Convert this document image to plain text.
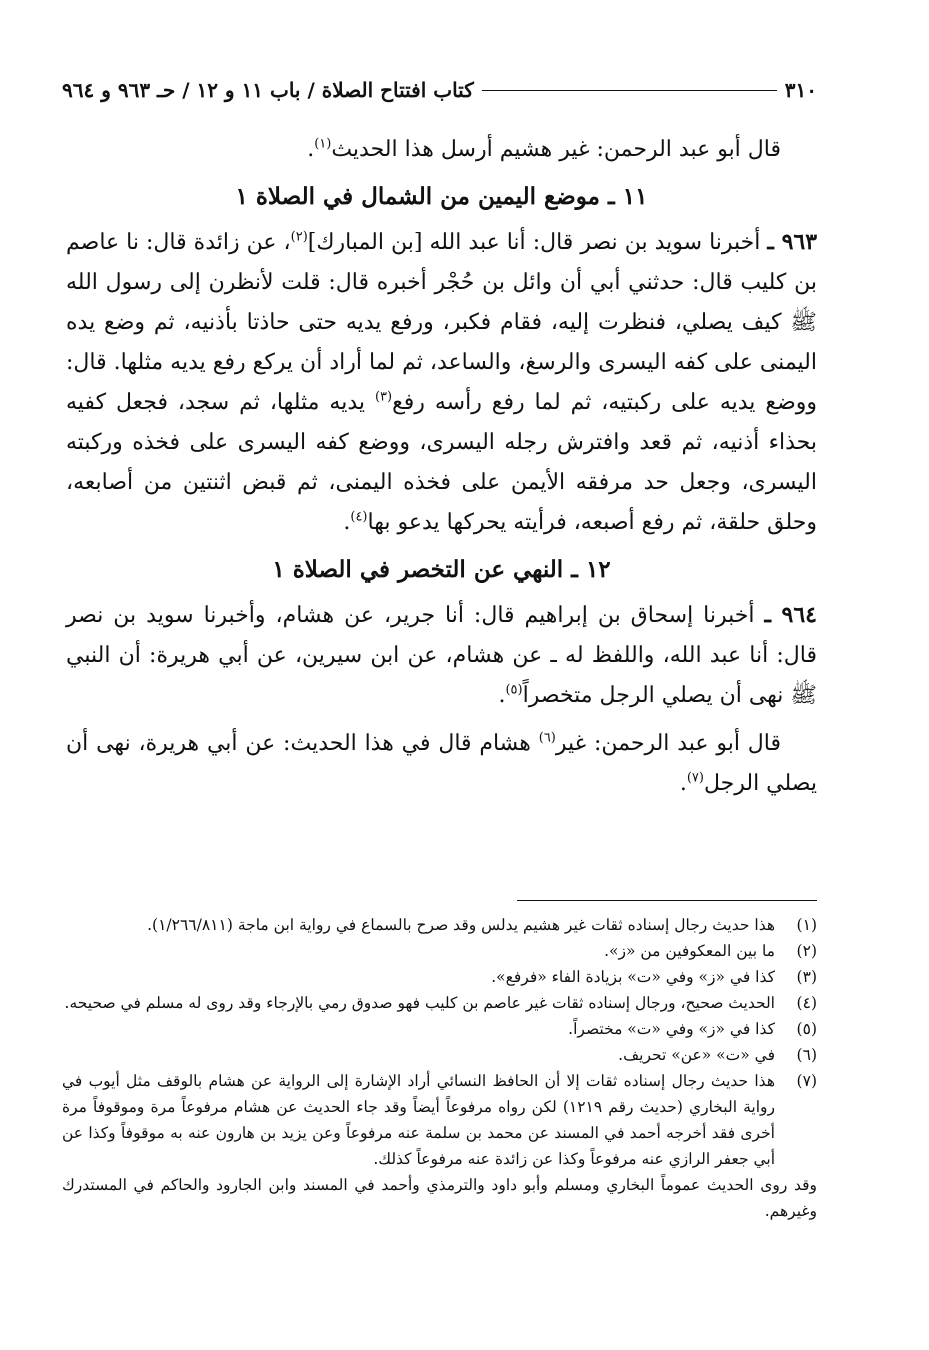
٣١٠
كتاب افتتاح الصلاة / باب ١١ و ١٢ / حـ ٩٦٣ و ٩٦٤

قال أبو عبد الرحمن: غير هشيم أرسل هذا الحديث$^{(١)}$.

١١ ـ موضع اليمين من الشمال في الصلاة ١

٩٦٣ ـ أخبرنا سويد بن نصر قال: أنا عبد الله [بن المبارك]$^{(٢)}$، عن زائدة قال: نا عاصم بن كليب قال: حدثني أبي أن وائل بن حُجْر أخبره قال: قلت لأنظرن إلى رسول الله ﷺ كيف يصلي، فنظرت إليه، فقام فكبر، ورفع يديه حتى حاذتا بأذنيه، ثم وضع يده اليمنى على كفه اليسرى والرسغ، والساعد، ثم لما أراد أن يركع رفع يديه مثلها. قال: ووضع يديه على ركبتيه، ثم لما رفع رأسه رفع$^{(٣)}$ يديه مثلها، ثم سجد، فجعل كفيه بحذاء أذنيه، ثم قعد وافترش رجله اليسرى، ووضع كفه اليسرى على فخذه وركبته اليسرى، وجعل حد مرفقه الأيمن على فخذه اليمنى، ثم قبض اثنتين من أصابعه، وحلق حلقة، ثم رفع أصبعه، فرأيته يحركها يدعو بها$^{(٤)}$.

١٢ ـ النهي عن التخصر في الصلاة ١

٩٦٤ ـ أخبرنا إسحاق بن إبراهيم قال: أنا جرير، عن هشام، وأخبرنا سويد بن نصر قال: أنا عبد الله، واللفظ له ـ عن هشام، عن ابن سيرين، عن أبي هريرة: أن النبي ﷺ نهى أن يصلي الرجل متخصراً$^{(٥)}$.

قال أبو عبد الرحمن: غير$^{(٦)}$ هشام قال في هذا الحديث: عن أبي هريرة، نهى أن يصلي الرجل$^{(٧)}$.

(١)
هذا حديث رجال إسناده ثقات غير هشيم يدلس وقد صرح بالسماع في رواية ابن ماجة (١/٢٦٦/٨١١).

(٢)
ما بين المعكوفين من «ز».

(٣)
كذا في «ز» وفي «ت» بزيادة الفاء «فرفع».

(٤)
الحديث صحيح، ورجال إسناده ثقات غير عاصم بن كليب فهو صدوق رمي بالإرجاء وقد روى له مسلم في صحيحه.

(٥)
كذا في «ز» وفي «ت» مختصراً.

(٦)
في «ت» «عن» تحريف.

(٧)
هذا حديث رجال إسناده ثقات إلا أن الحافظ النسائي أراد الإشارة إلى الرواية عن هشام بالوقف مثل أيوب في رواية البخاري (حديث رقم ١٢١٩) لكن رواه مرفوعاً أيضاً وقد جاء الحديث عن هشام مرفوعاً مرة وموقوفاً مرة أخرى فقد أخرجه أحمد في المسند عن محمد بن سلمة عنه مرفوعاً وعن يزيد بن هارون عنه به موقوفاً وكذا عن أبي جعفر الرازي عنه مرفوعاً وكذا عن زائدة عنه مرفوعاً كذلك.

وقد روى الحديث عموماً البخاري ومسلم وأبو داود والترمذي وأحمد في المسند وابن الجارود والحاكم في المستدرك وغيرهم.
